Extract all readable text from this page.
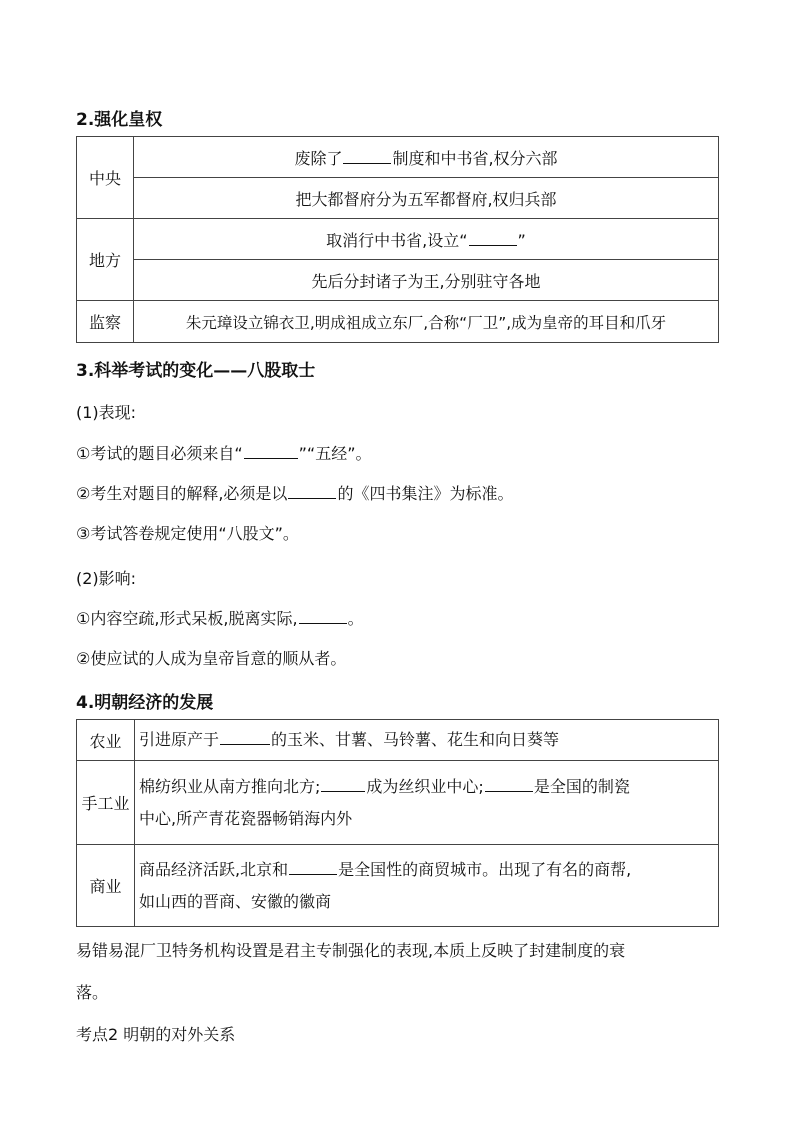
2.强化皇权
中央	废除了 制度和中书省,权分六部
	把大都督府分为五军都督府,权归兵部
地方	取消行中书省,设立“ ”
	先后分封诸子为王,分别驻守各地
监察	朱元璋设立锦衣卫,明成祖成立东厂,合称“厂卫”,成为皇帝的耳目和爪牙
3.科举考试的变化——八股取士
(1)表现:
①考试的题目必须来自“	”“五经”。
②考生对题目的解释,必须是以	的《四书集注》为标准。
③考试答卷规定使用“八股文”。
(2)影响:
①内容空疏,形式呆板,脱离实际,	。
②使应试的人成为皇帝旨意的顺从者。
4.明朝经济的发展
农业	引进原产于 的玉米、甘薯、马铃薯、花生和向日葵等
手工业	棉纺织业从南方推向北方; 成为丝织业中心; 是全国的制瓷
中心,所产青花瓷器畅销海内外

商业	商品经济活跃,北京和 是全国性的商贸城市。出现了有名的商帮,
如山西的晋商、安徽的徽商
易错易混厂卫特务机构设置是君主专制强化的表现,本质上反映了封建制度的衰
落。
考点2 明朝的对外关系
